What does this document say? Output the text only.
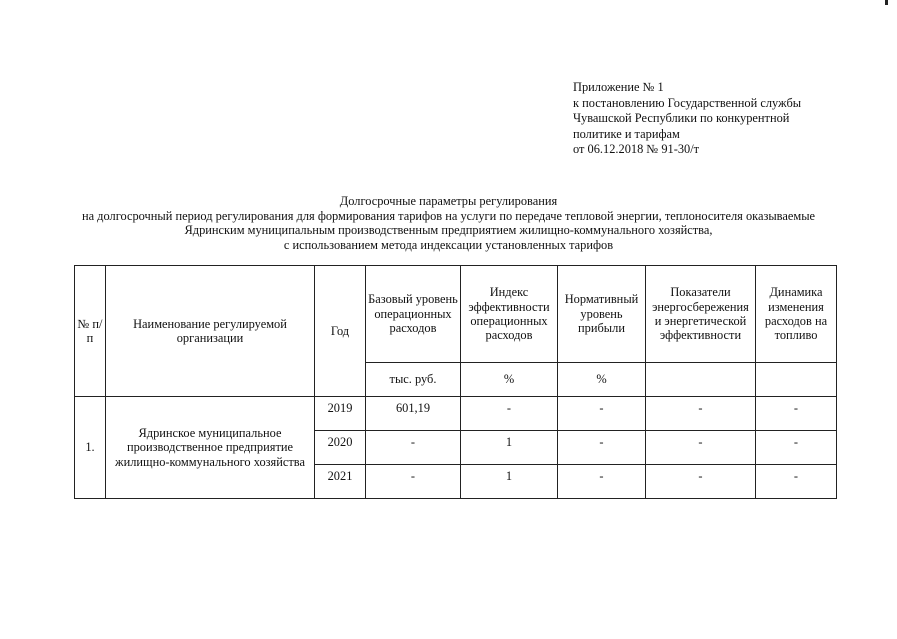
Приложение № 1
к постановлению Государственной службы
Чувашской Республики по конкурентной
политике и тарифам
от 06.12.2018 № 91-30/т
Долгосрочные параметры регулирования
на долгосрочный период регулирования для формирования тарифов на услуги по передаче тепловой энергии, теплоносителя оказываемые
Ядринским муниципальным производственным предприятием жилищно-коммунального хозяйства,
с использованием метода индексации установленных тарифов
№ п/п	Наименование регулируемой организации	Год	Базовый уровень операционных расходов	Индекс эффективности операционных расходов	Нормативный уровень прибыли	Показатели энергосбережения и энергетической эффективности	Динамика изменения расходов на топливо
			тыс. руб.	%	%		
1.	Ядринское муниципальное производственное предприятие жилищно-коммунального хозяйства	2019	601,19	-	-	-	-
		2020	-	1	-	-	-
		2021	-	1	-	-	-
